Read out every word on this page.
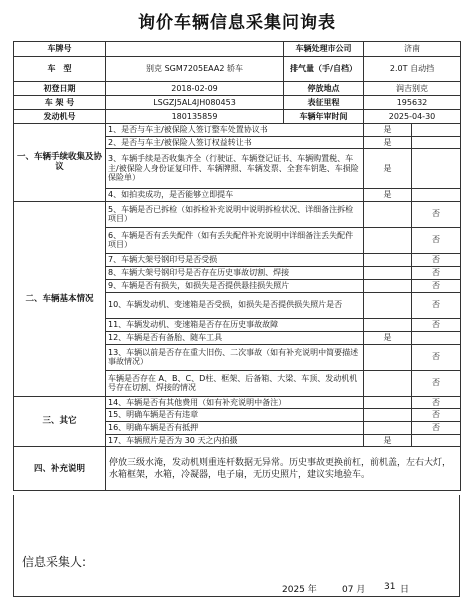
询价车辆信息采集问询表
车牌号		车辆处理市公司	济南	
车　型	别克 SGM7205EAA2 轿车	排气量（手/自档）	2.0T 自动挡	
初登日期	2018-02-09	停放地点	润吉别克	
车 架 号	LSGZJ5AL4JH080453	表征里程	195632	
发动机号	180135859	车辆年审时间	2025-04-30	
一、车辆手续收集及协议	1、是否与车主/被保险人签订整车处置协议书		是	
	2、是否与车主/被保险人签订权益转让书		是	
	3、车辆手续是否收集齐全（行驶证、车辆登记证书、车辆购置税、车主/被保险人身份证复印件、车辆牌照、车辆发票、全套车钥匙、车损险保险单）		是	
	4、如拍卖成功，是否能够立即提车		是	
二、车辆基本情况	5、车辆是否已拆检（如拆检补充说明中说明拆检状况、详细备注拆检项目）			否
	6、车辆是否有丢失配件（如有丢失配件补充说明中详细备注丢失配件项目）			否
	7、车辆大架号钢印号是否受损			否
	8、车辆大架号钢印号是否存在历史事故切割、焊接			否
	9、车辆是否有损失，如损失是否提供悬挂损失照片			否
	10、车辆发动机、变速箱是否受损，如损失是否提供损失照片是否			否
	11、车辆发动机、变速箱是否存在历史事故故障			否
	12、车辆是否有备胎、随车工具		是	
	13、车辆以前是否存在重大旧伤、二次事故（如有补充说明中简要描述事故情况）			否
	车辆是否存在 A、B、C、D柱、框架、后备箱、大梁、车顶、发动机机号存在切割、焊接的情况			否
三、其它	14、车辆是否有其他费用（如有补充说明中备注）			否
	15、明确车辆是否有违章			否
	16、明确车辆是否有抵押			否
	17、车辆照片是否为 30 天之内拍摄		是	
四、补充说明	停放三级水淹，发动机则重连杆数据无异常。历史事故更换前杠，前机盖，左右大灯，水箱框架，水箱，冷凝器，电子扇，无历史照片，建议实地验车。			
信息采集人:
2025 年	07 月 31 日
